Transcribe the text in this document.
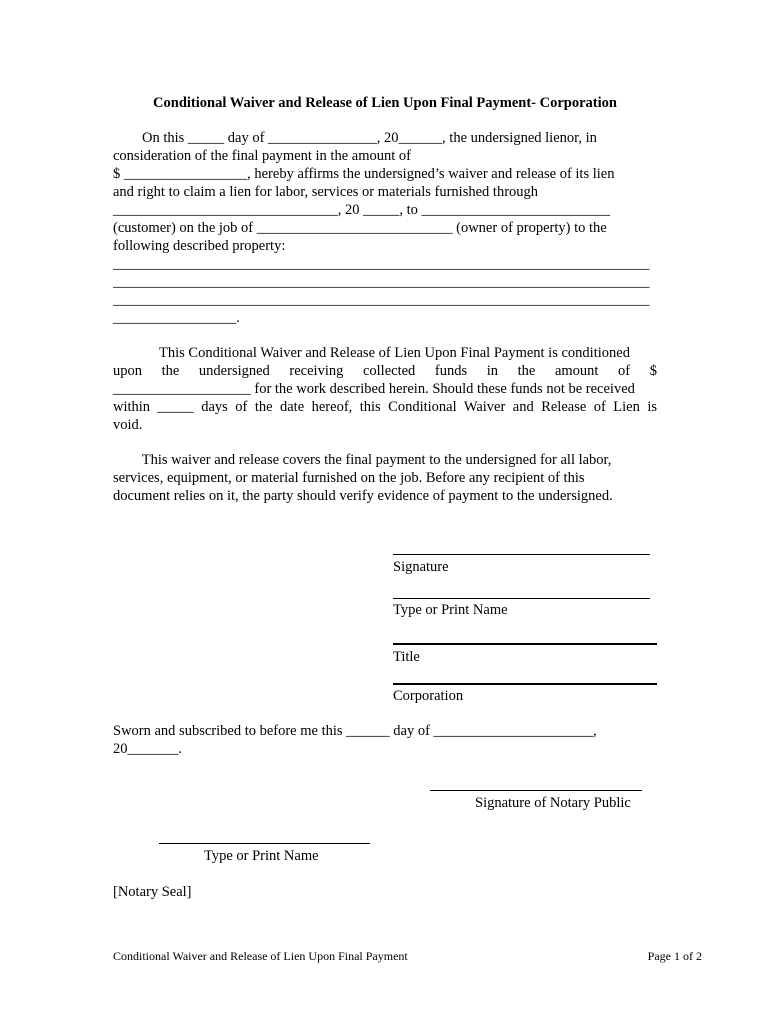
Conditional Waiver and Release of Lien Upon Final Payment- Corporation
On this _____ day of _______________, 20______, the undersigned lienor, in
consideration of the final payment in the amount of
$ _________________, hereby affirms the undersigned’s waiver and release of its lien
and right to claim a lien for labor, services or materials furnished through
_______________________________, 20 _____, to __________________________
(customer) on the job of ___________________________ (owner of property) to the
following described property:
__________________________________________________________________________
__________________________________________________________________________
__________________________________________________________________________
_________________.
This Conditional Waiver and Release of Lien Upon Final Payment is conditioned
upon the undersigned receiving collected funds in the amount of $
___________________ for the work described herein. Should these funds not be received
within _____ days of the date hereof, this Conditional Waiver and Release of Lien is
void.
This waiver and release covers the final payment to the undersigned for all labor,
services, equipment, or material furnished on the job. Before any recipient of this
document relies on it, the party should verify evidence of payment to the undersigned.
Signature
Type or Print Name
Title
Corporation
Sworn and subscribed to before me this ______ day of ______________________,
20_______.
Signature of Notary Public
Type or Print Name
[Notary Seal]
Conditional Waiver and Release of Lien Upon Final Payment	Page 1 of 2
